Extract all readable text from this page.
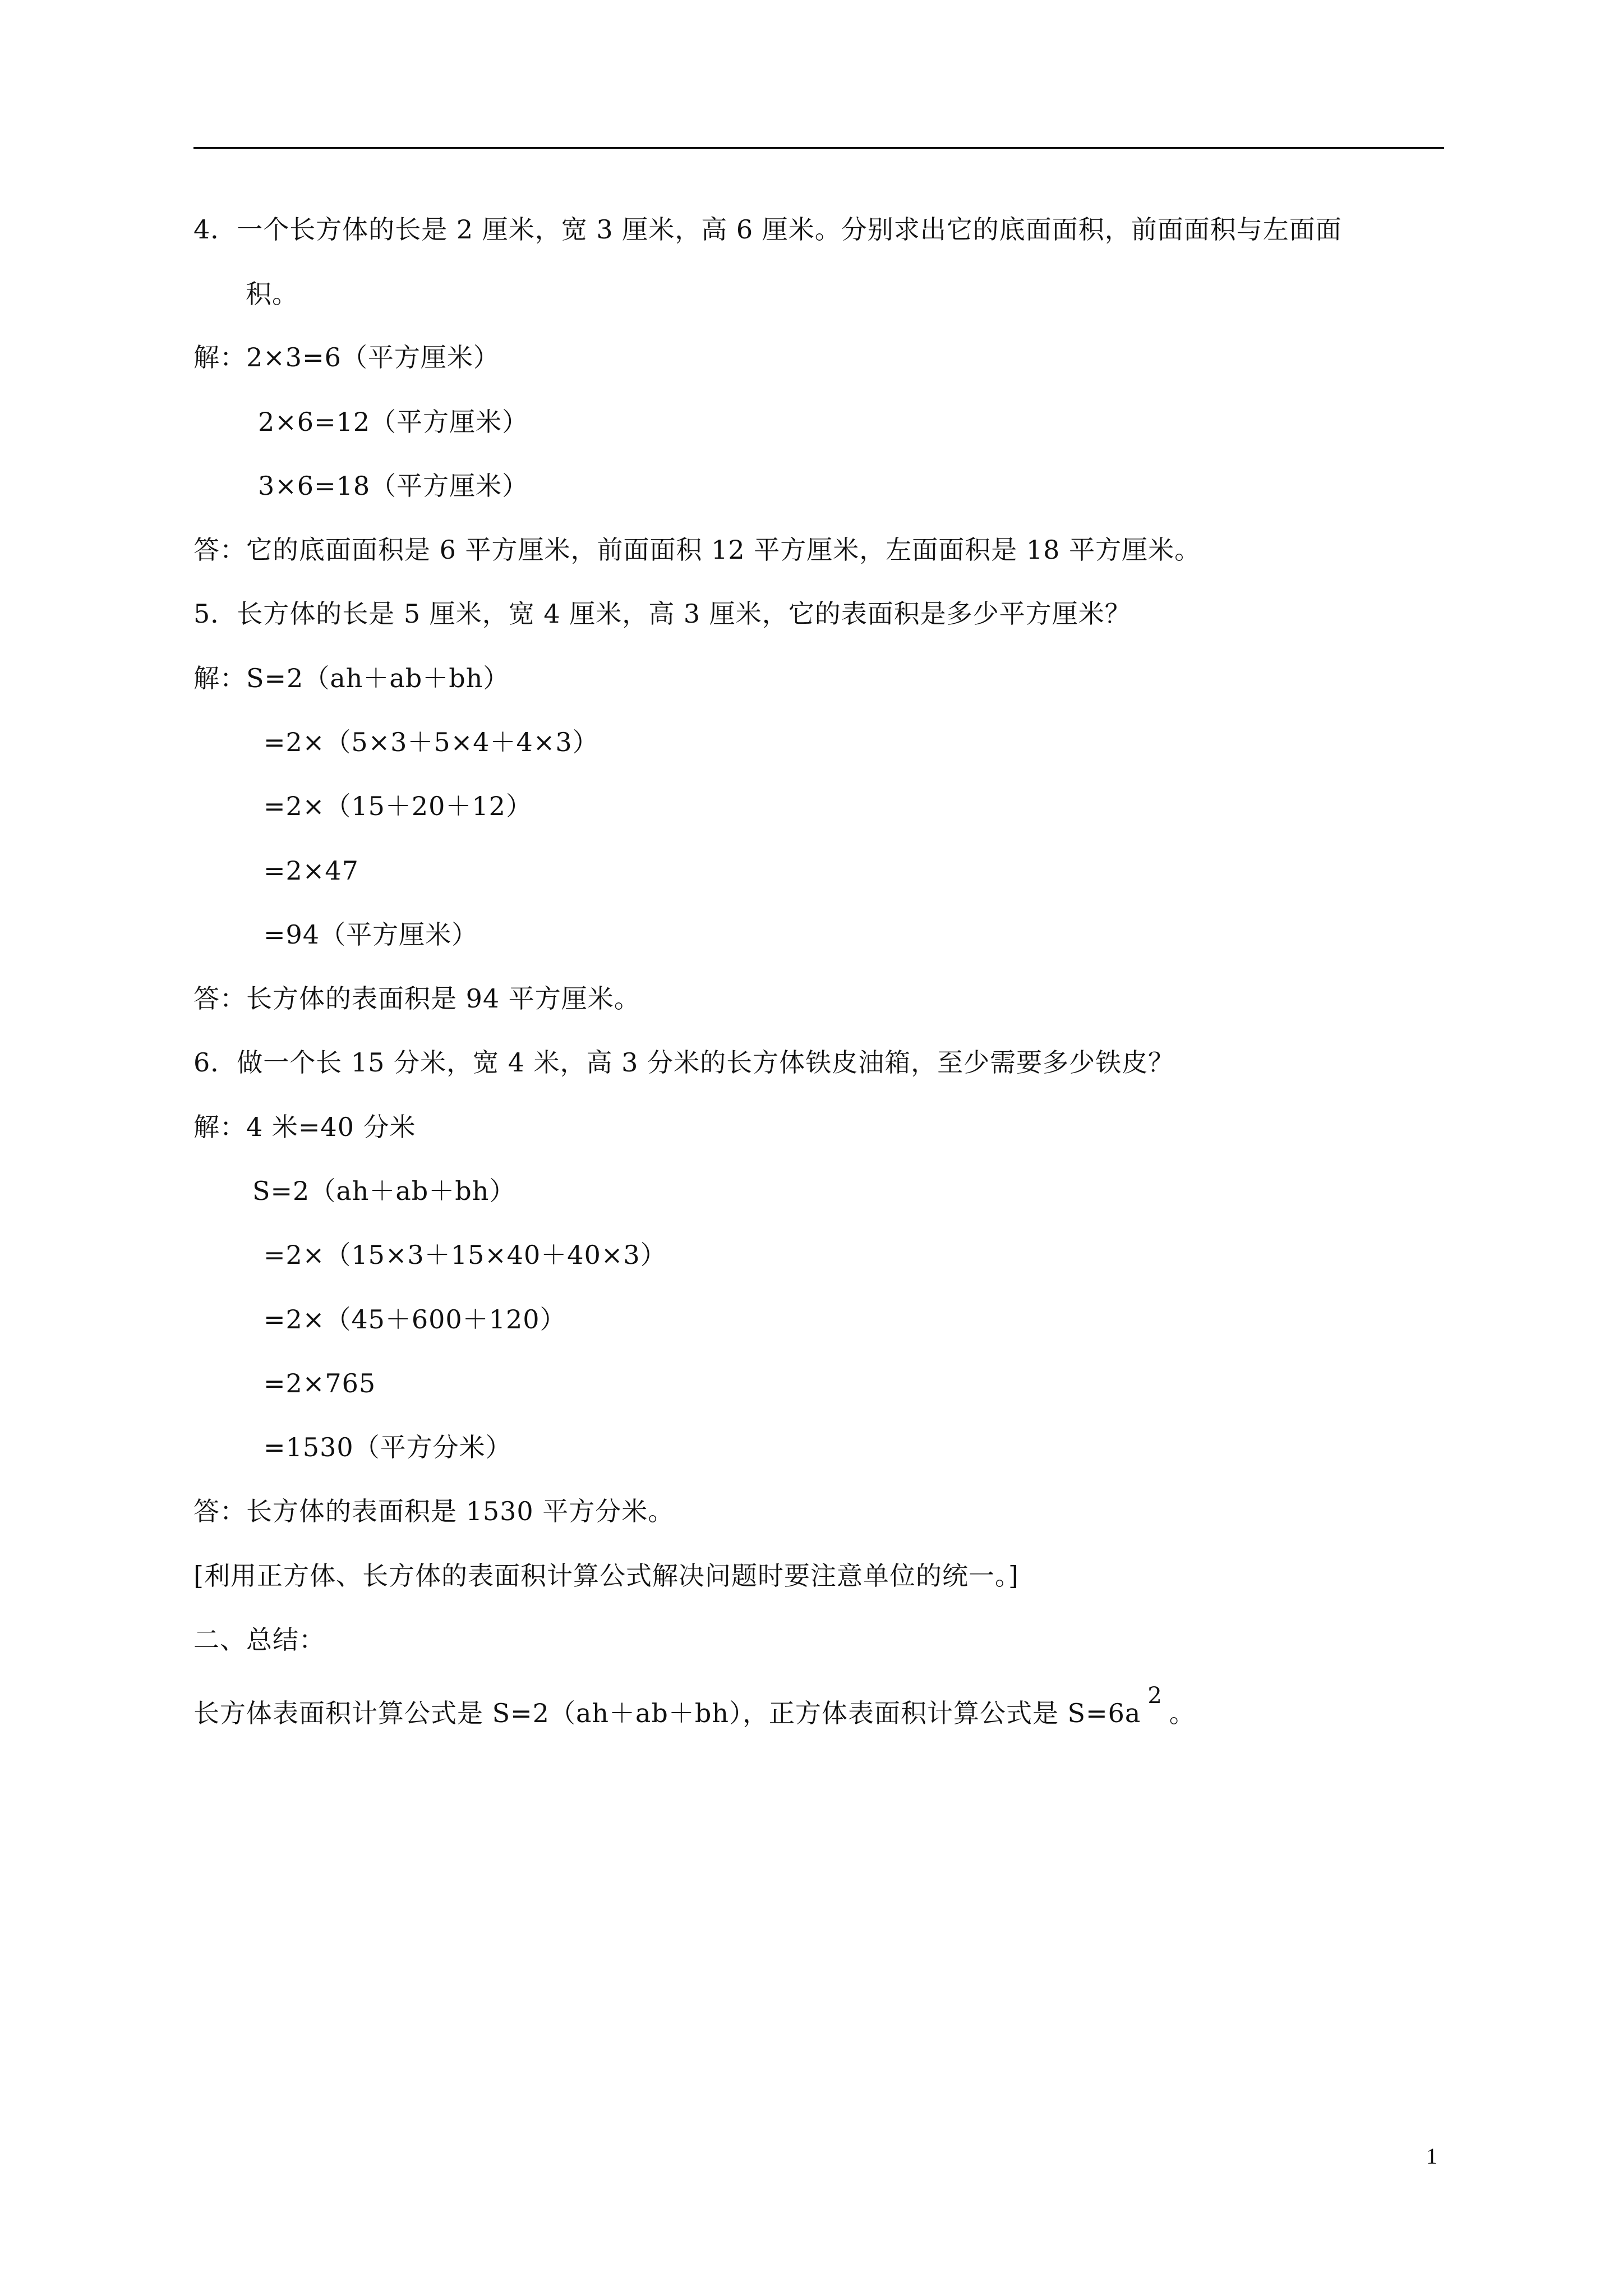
4．一个长方体的长是 2 厘米，宽 3 厘米，高 6 厘米。分别求出它的底面面积，前面面积与左面面
积。
解：2×3=6（平方厘米）
2×6=12（平方厘米）
3×6=18（平方厘米）
答：它的底面面积是 6 平方厘米，前面面积 12 平方厘米，左面面积是 18 平方厘米。
5．长方体的长是 5 厘米，宽 4 厘米，高 3 厘米，它的表面积是多少平方厘米？
解：S=2（ah＋ab＋bh）
=2×（5×3＋5×4＋4×3）
=2×（15＋20＋12）
=2×47
=94（平方厘米）
答：长方体的表面积是 94 平方厘米。
6．做一个长 15 分米，宽 4 米，高 3 分米的长方体铁皮油箱，至少需要多少铁皮？
解：4 米=40 分米
S=2（ah＋ab＋bh）
=2×（15×3＋15×40＋40×3）
=2×（45＋600＋120）
=2×765
=1530（平方分米）
答：长方体的表面积是 1530 平方分米。
[利用正方体、长方体的表面积计算公式解决问题时要注意单位的统一。]
二、总结：
长方体表面积计算公式是 S=2（ah＋ab＋bh），正方体表面积计算公式是 S=6a2。
1
